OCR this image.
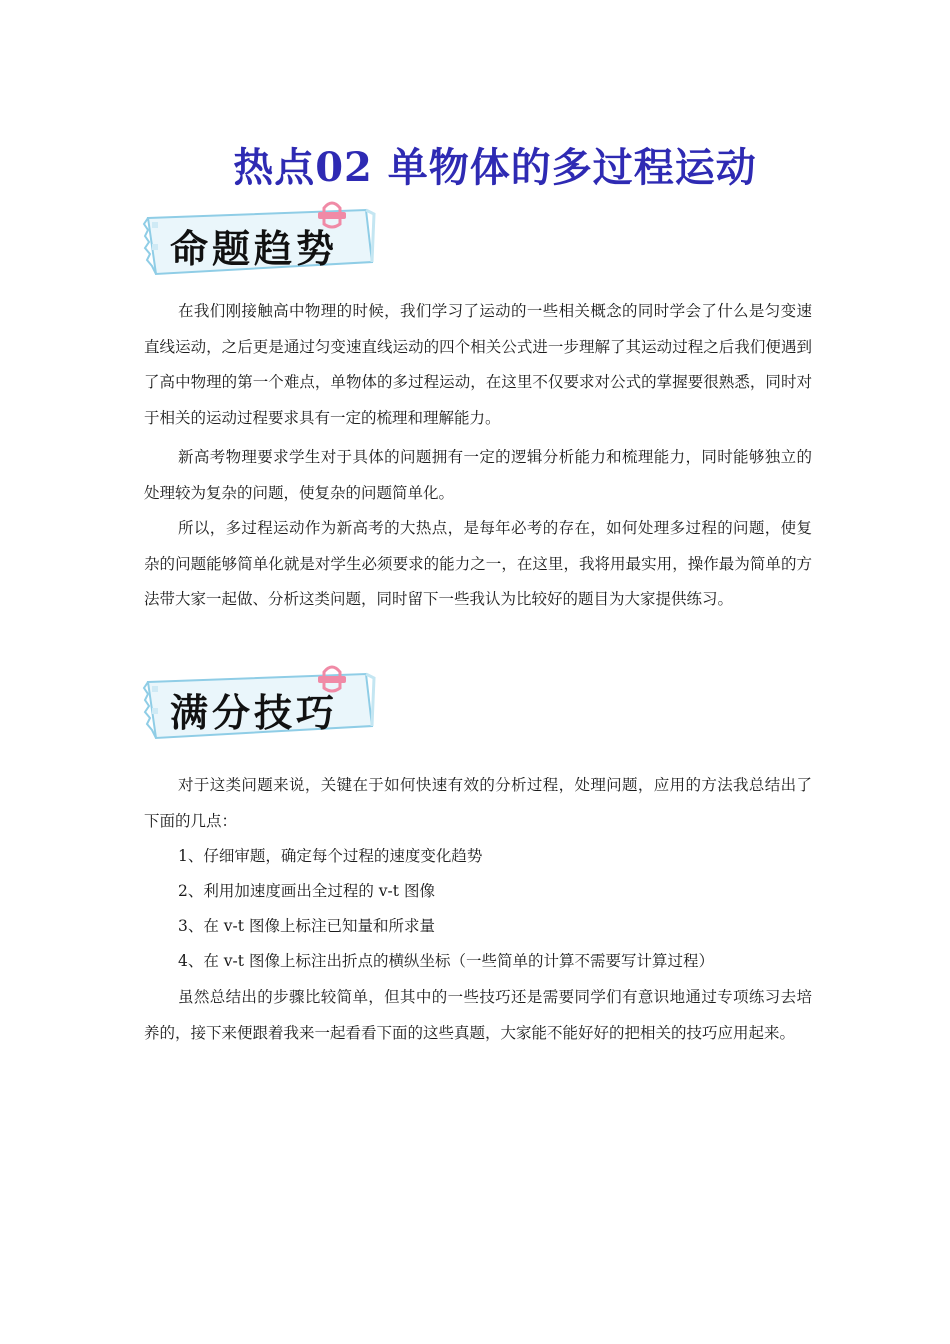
热点02 单物体的多过程运动
命题趋势

在我们刚接触高中物理的时候，我们学习了运动的一些相关概念的同时学会了什么是匀变速直线运动，之后更是通过匀变速直线运动的四个相关公式进一步理解了其运动过程之后我们便遇到了高中物理的第一个难点，单物体的多过程运动，在这里不仅要求对公式的掌握要很熟悉，同时对于相关的运动过程要求具有一定的梳理和理解能力。

新高考物理要求学生对于具体的问题拥有一定的逻辑分析能力和梳理能力，同时能够独立的处理较为复杂的问题，使复杂的问题简单化。

所以，多过程运动作为新高考的大热点，是每年必考的存在，如何处理多过程的问题，使复杂的问题能够简单化就是对学生必须要求的能力之一，在这里，我将用最实用，操作最为简单的方法带大家一起做、分析这类问题，同时留下一些我认为比较好的题目为大家提供练习。

满分技巧

对于这类问题来说，关键在于如何快速有效的分析过程，处理问题，应用的方法我总结出了下面的几点：

1、仔细审题，确定每个过程的速度变化趋势

2、利用加速度画出全过程的 v-t 图像

3、在 v-t 图像上标注已知量和所求量

4、在 v-t 图像上标注出折点的横纵坐标（一些简单的计算不需要写计算过程）

虽然总结出的步骤比较简单，但其中的一些技巧还是需要同学们有意识地通过专项练习去培养的，接下来便跟着我来一起看看下面的这些真题，大家能不能好好的把相关的技巧应用起来。
